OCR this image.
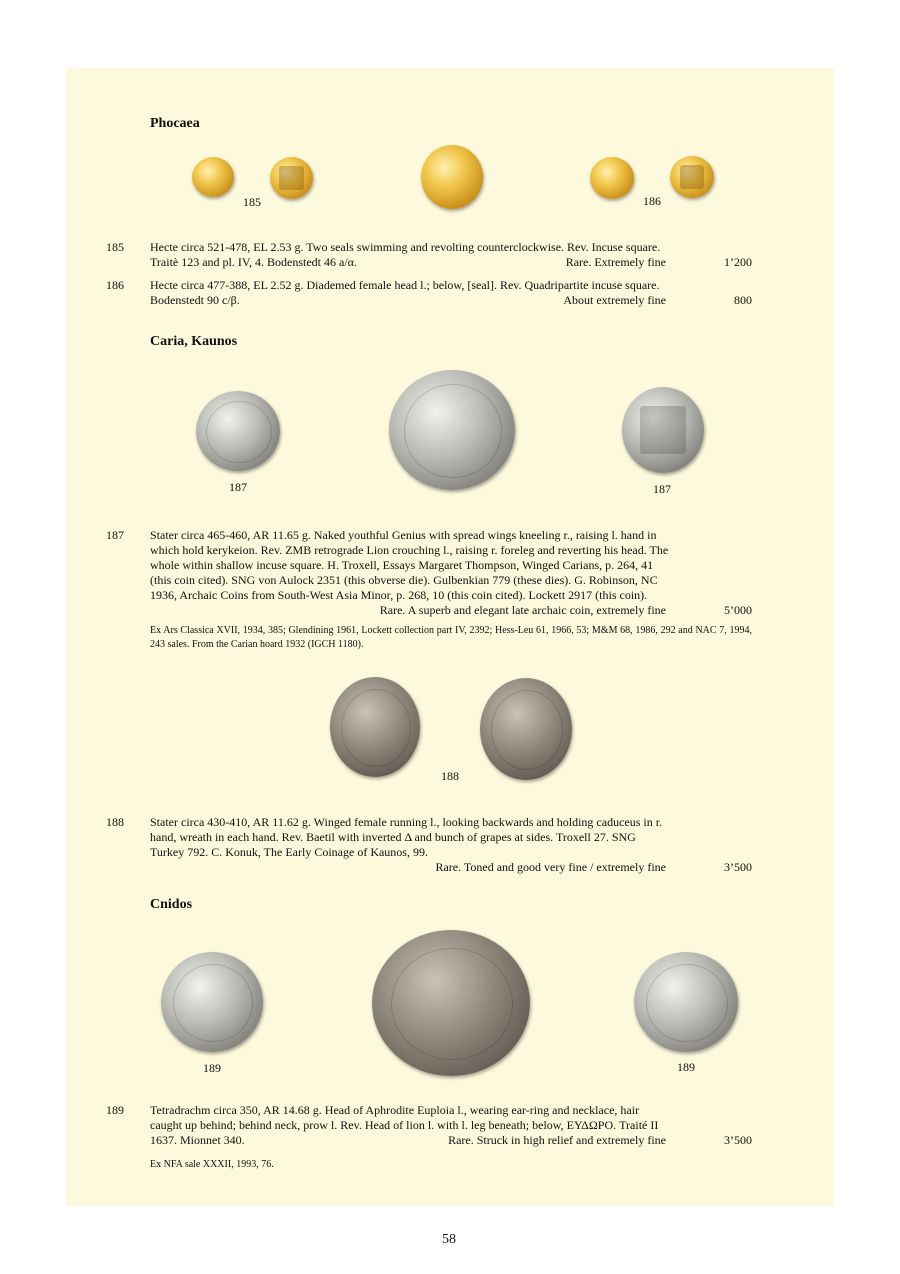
Phocaea
185	186
185 Hecte circa 521-478, EL 2.53 g. Two seals swimming and revolting counterclockwise. Rev. Incuse square.
Traitè 123 and pl. IV, 4. Bodenstedt 46 a/α.	Rare. Extremely fine	1’200
186 Hecte circa 477-388, EL 2.52 g. Diademed female head l.; below, [seal]. Rev. Quadripartite incuse square.
Bodenstedt 90 c/β.	About extremely fine	800
Caria, Kaunos
187	187
187 Stater circa 465-460, AR 11.65 g. Naked youthful Genius with spread wings kneeling r., raising l. hand in
which hold kerykeion. Rev. ZMB retrograde Lion crouching l., raising r. foreleg and reverting his head. The
whole within shallow incuse square. H. Troxell, Essays Margaret Thompson, Winged Carians, p. 264, 41
(this coin cited). SNG von Aulock 2351 (this obverse die). Gulbenkian 779 (these dies). G. Robinson, NC
1936, Archaic Coins from South-West Asia Minor, p. 268, 10 (this coin cited). Lockett 2917 (this coin).
Rare. A superb and elegant late archaic coin, extremely fine	5’000
Ex Ars Classica XVII, 1934, 385; Glendining 1961, Lockett collection part IV, 2392; Hess-Leu 61, 1966, 53; M&M 68, 1986, 292 and NAC 7, 1994, 243 sales. From the Carian hoard 1932 (IGCH 1180).
188
188 Stater circa 430-410, AR 11.62 g. Winged female running l., looking backwards and holding caduceus in r.
hand, wreath in each hand. Rev. Baetil with inverted Δ and bunch of grapes at sides. Troxell 27. SNG
Turkey 792. C. Konuk, The Early Coinage of Kaunos, 99.
Rare. Toned and good very fine / extremely fine	3’500
Cnidos
189	189
189 Tetradrachm circa 350, AR 14.68 g. Head of Aphrodite Euploia l., wearing ear-ring and necklace, hair
caught up behind; behind neck, prow l. Rev. Head of lion l. with l. leg beneath; below, ΕΥΔΩΡΟ. Traité II
1637. Mionnet 340.	Rare. Struck in high relief and extremely fine	3’500
Ex NFA sale XXXII, 1993, 76.
58
